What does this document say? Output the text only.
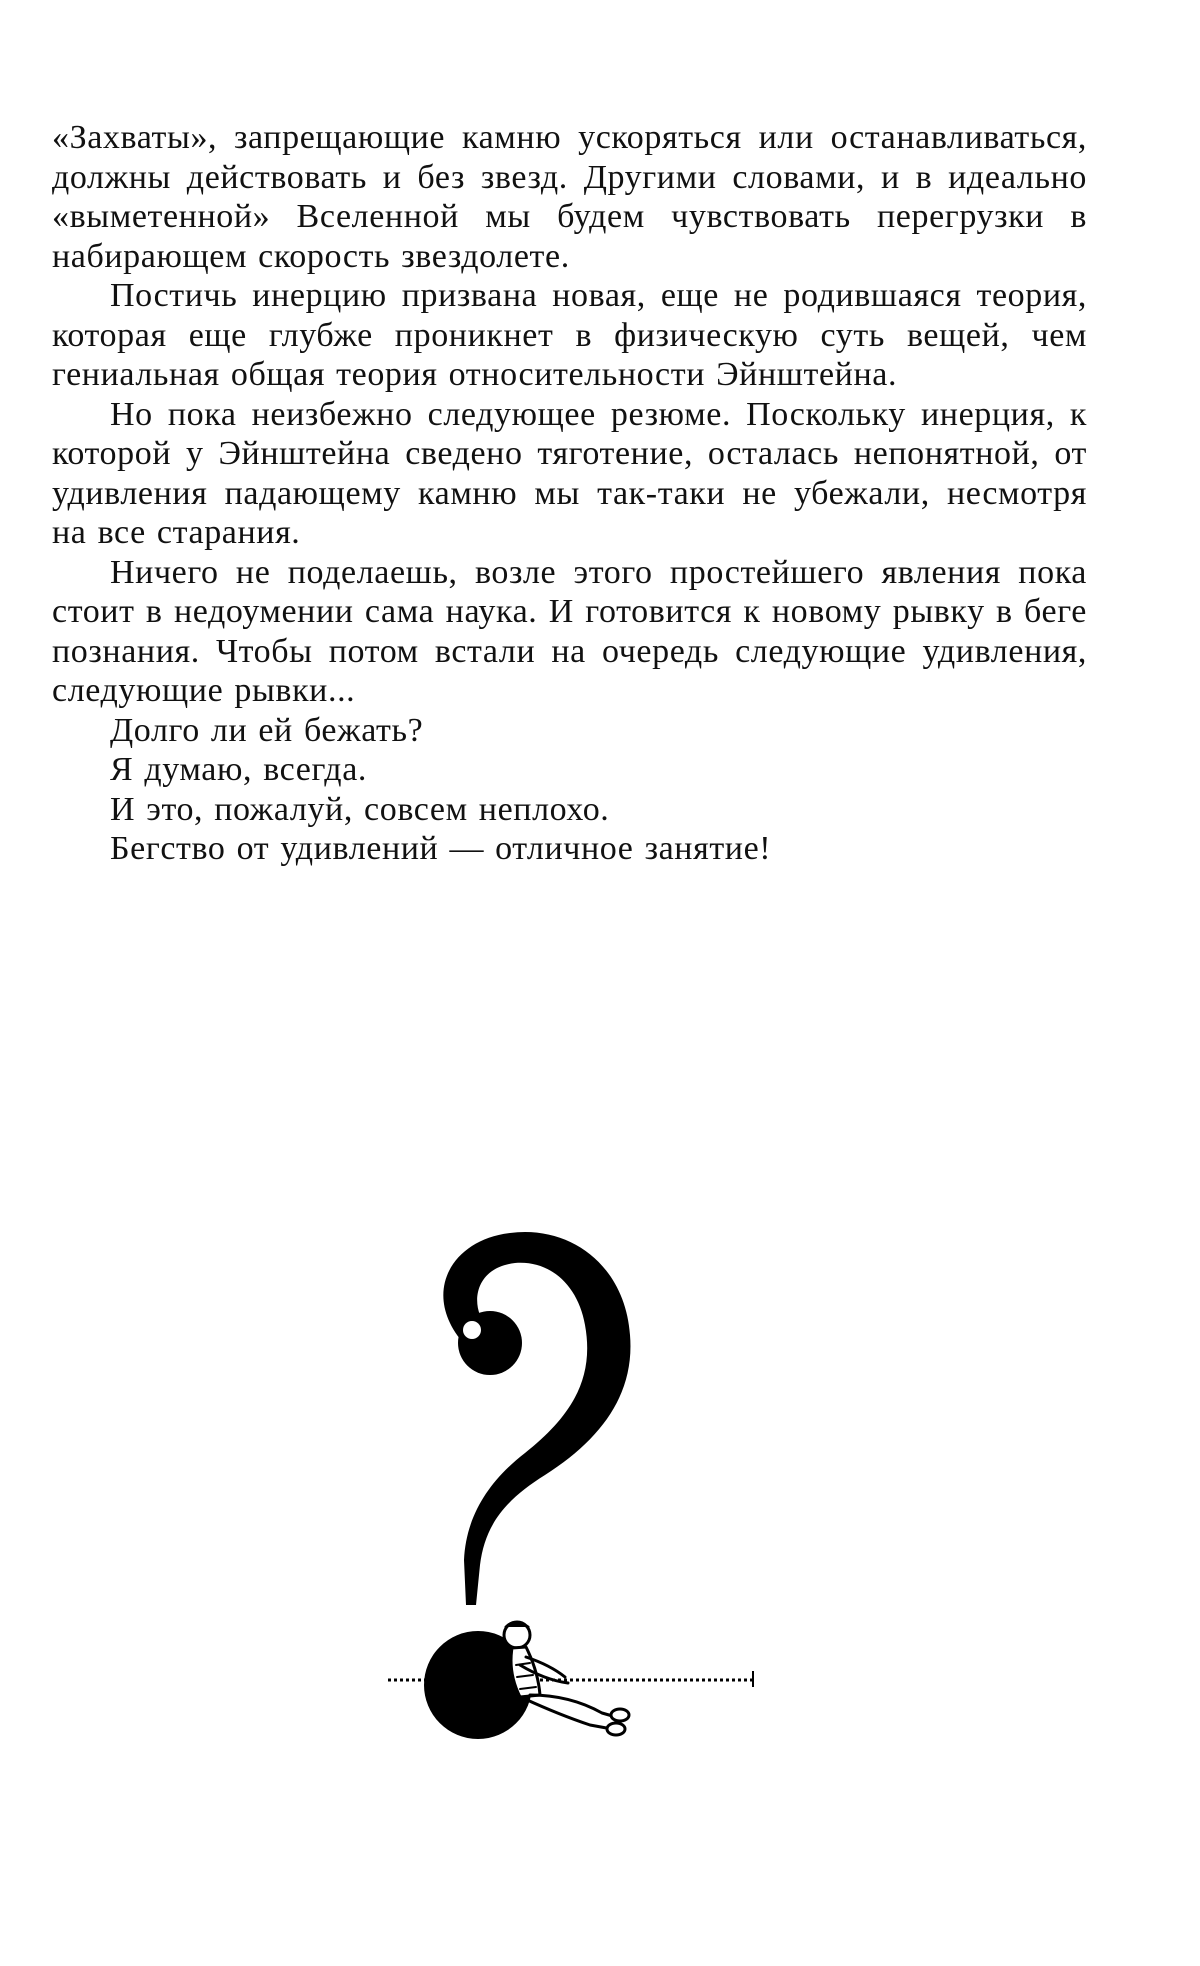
«Захваты», запрещающие камню ускоряться или останавливаться, должны действовать и без звезд. Другими словами, и в идеально «выметенной» Вселенной мы будем чувствовать перегрузки в набирающем скорость звездолете.

Постичь инерцию призвана новая, еще не родившаяся теория, которая еще глубже проникнет в физическую суть вещей, чем гениальная общая теория относительности Эйнштейна.

Но пока неизбежно следующее резюме. Поскольку инерция, к которой у Эйнштейна сведено тяготение, осталась непонятной, от удивления падающему камню мы так-таки не убежали, несмотря на все старания.

Ничего не поделаешь, возле этого простейшего явления пока стоит в недоумении сама наука. И готовится к новому рывку в беге познания. Чтобы потом встали на очередь следующие удивления, следующие рывки...

Долго ли ей бежать?

Я думаю, всегда.

И это, пожалуй, совсем неплохо.

Бегство от удивлений — отличное занятие!
